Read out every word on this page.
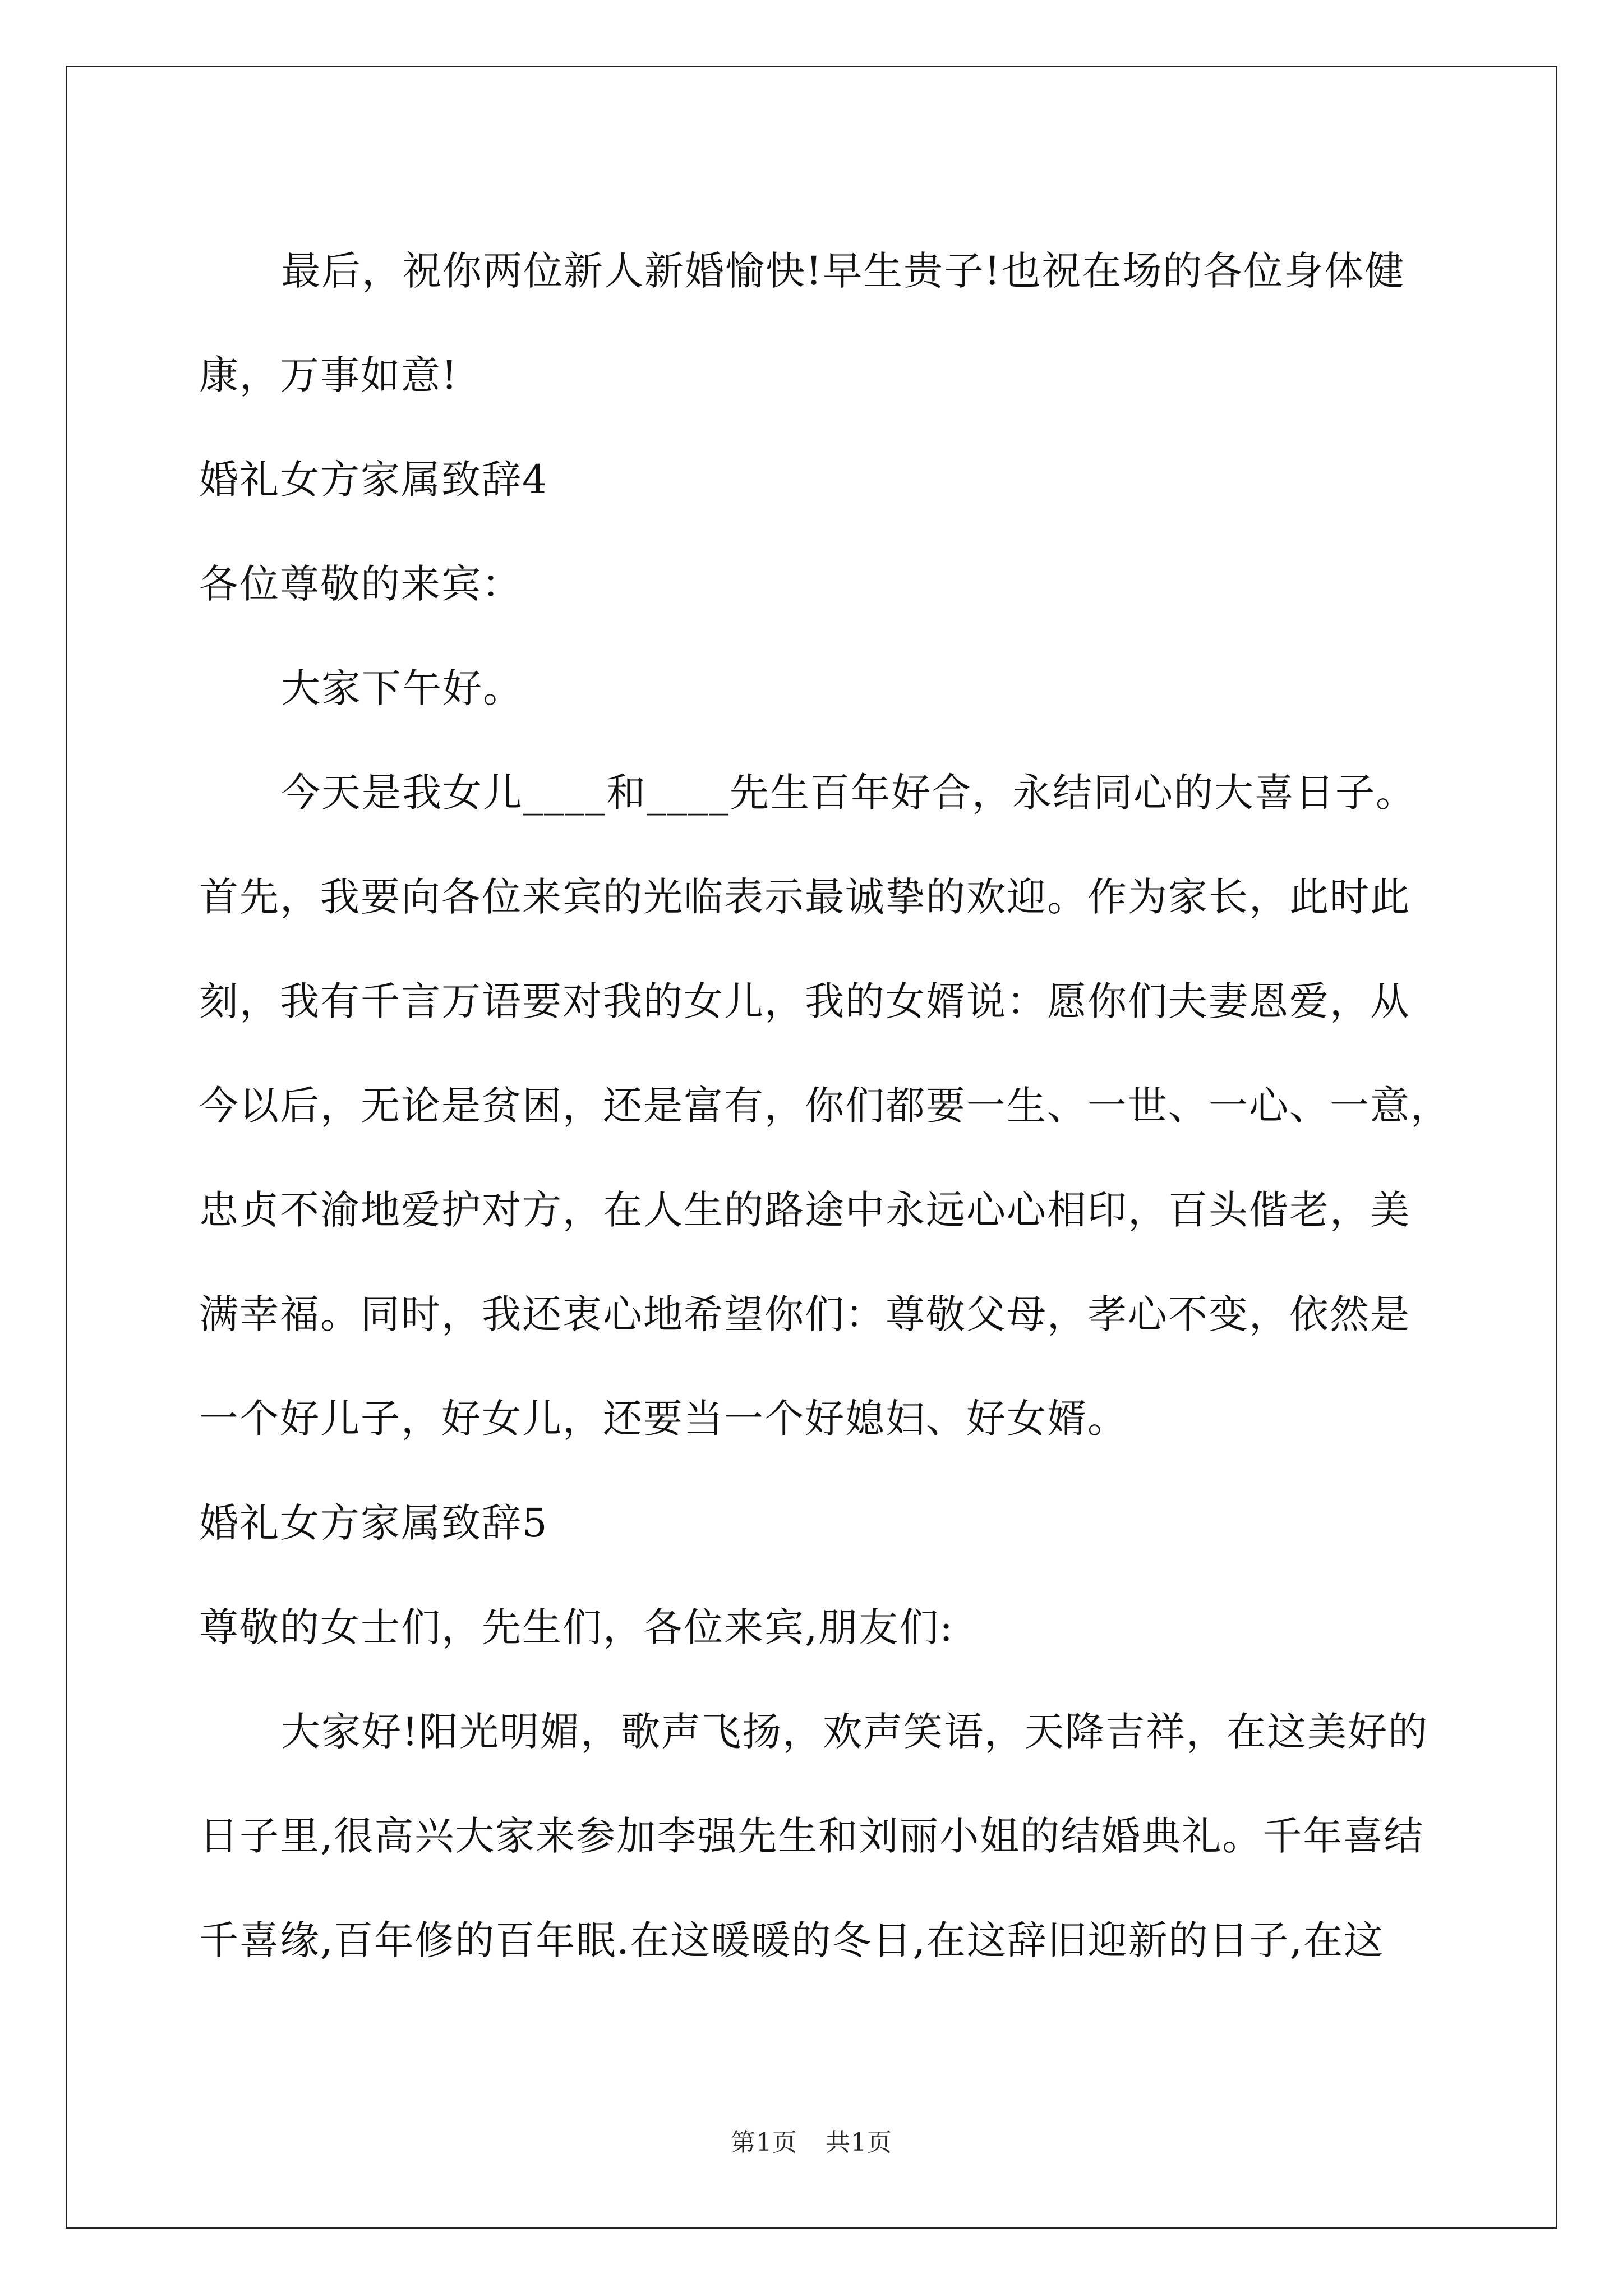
最后，祝你两位新人新婚愉快!早生贵子!也祝在场的各位身体健

康，万事如意!

婚礼女方家属致辞4

各位尊敬的来宾：

大家下午好。

今天是我女儿____和____先生百年好合，永结同心的大喜日子。

首先，我要向各位来宾的光临表示最诚挚的欢迎。作为家长，此时此

刻，我有千言万语要对我的女儿，我的女婿说：愿你们夫妻恩爱，从

今以后，无论是贫困，还是富有，你们都要一生、一世、一心、一意，

忠贞不渝地爱护对方，在人生的路途中永远心心相印，百头偕老，美

满幸福。同时，我还衷心地希望你们：尊敬父母，孝心不变，依然是

一个好儿子，好女儿，还要当一个好媳妇、好女婿。

婚礼女方家属致辞5

尊敬的女士们，先生们，各位来宾,朋友们:

大家好!阳光明媚，歌声飞扬，欢声笑语，天降吉祥，在这美好的

日子里,很高兴大家来参加李强先生和刘丽小姐的结婚典礼。千年喜结

千喜缘,百年修的百年眠.在这暖暖的冬日,在这辞旧迎新的日子,在这

第1页 共1页
